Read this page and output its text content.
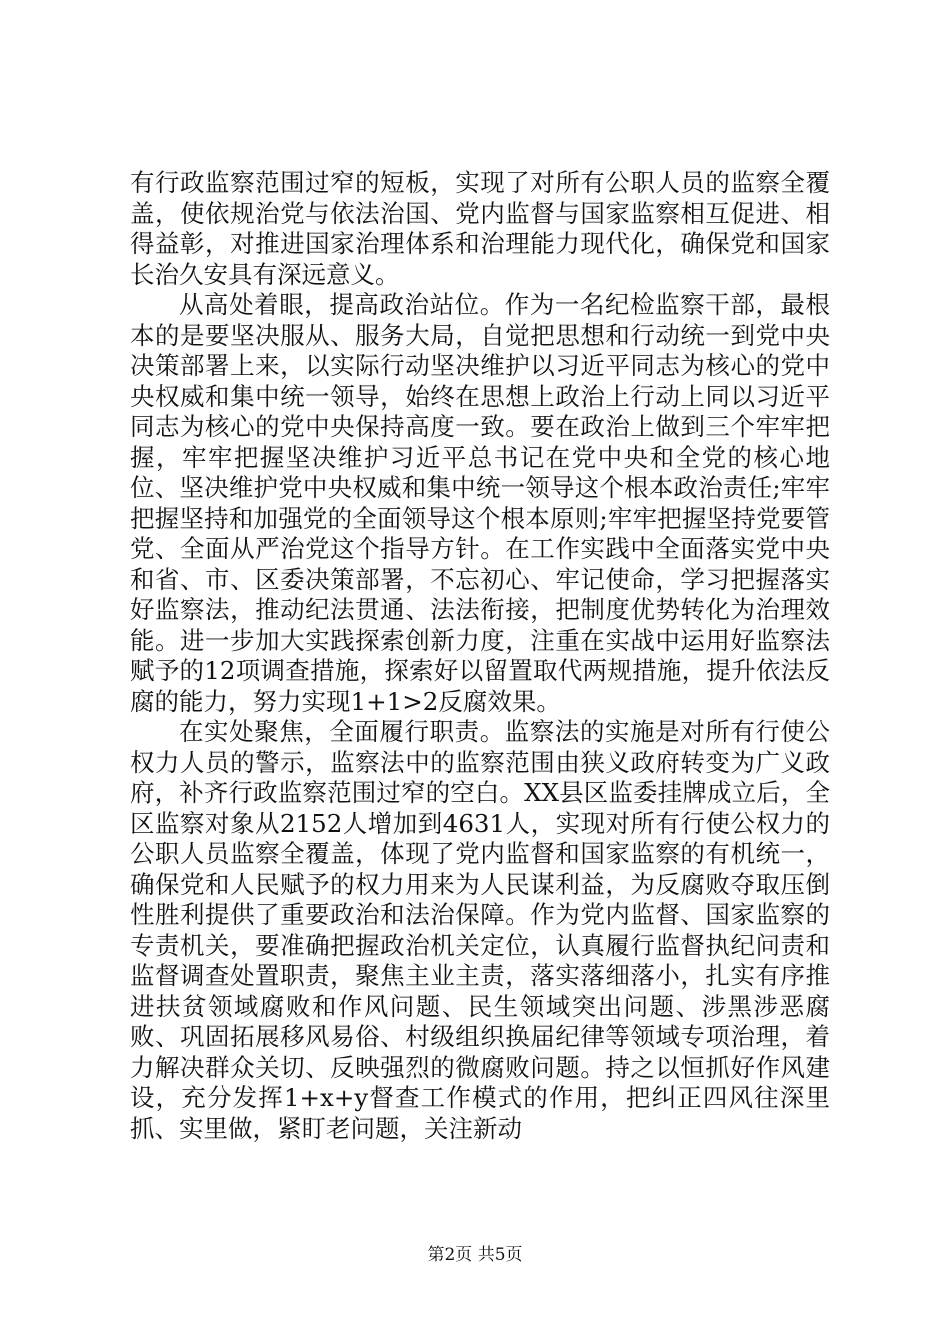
有行政监察范围过窄的短板，实现了对所有公职人员的监察全覆盖，使依规治党与依法治国、党内监督与国家监察相互促进、相得益彰，对推进国家治理体系和治理能力现代化，确保党和国家长治久安具有深远意义。

从高处着眼，提高政治站位。作为一名纪检监察干部，最根本的是要坚决服从、服务大局，自觉把思想和行动统一到党中央决策部署上来，以实际行动坚决维护以习近平同志为核心的党中央权威和集中统一领导，始终在思想上政治上行动上同以习近平同志为核心的党中央保持高度一致。要在政治上做到三个牢牢把握，牢牢把握坚决维护习近平总书记在党中央和全党的核心地位、坚决维护党中央权威和集中统一领导这个根本政治责任;牢牢把握坚持和加强党的全面领导这个根本原则;牢牢把握坚持党要管党、全面从严治党这个指导方针。在工作实践中全面落实党中央和省、市、区委决策部署，不忘初心、牢记使命，学习把握落实好监察法，推动纪法贯通、法法衔接，把制度优势转化为治理效能。进一步加大实践探索创新力度，注重在实战中运用好监察法赋予的12项调查措施，探索好以留置取代两规措施，提升依法反腐的能力，努力实现1+1>2反腐效果。

在实处聚焦，全面履行职责。监察法的实施是对所有行使公权力人员的警示，监察法中的监察范围由狭义政府转变为广义政府，补齐行政监察范围过窄的空白。XX县区监委挂牌成立后，全区监察对象从2152人增加到4631人，实现对所有行使公权力的公职人员监察全覆盖，体现了党内监督和国家监察的有机统一，确保党和人民赋予的权力用来为人民谋利益，为反腐败夺取压倒性胜利提供了重要政治和法治保障。作为党内监督、国家监察的专责机关，要准确把握政治机关定位，认真履行监督执纪问责和监督调查处置职责，聚焦主业主责，落实落细落小，扎实有序推进扶贫领域腐败和作风问题、民生领域突出问题、涉黑涉恶腐败、巩固拓展移风易俗、村级组织换届纪律等领域专项治理，着力解决群众关切、反映强烈的微腐败问题。持之以恒抓好作风建设，充分发挥1+x+y督查工作模式的作用，把纠正四风往深里抓、实里做，紧盯老问题，关注新动

第2页 共5页
